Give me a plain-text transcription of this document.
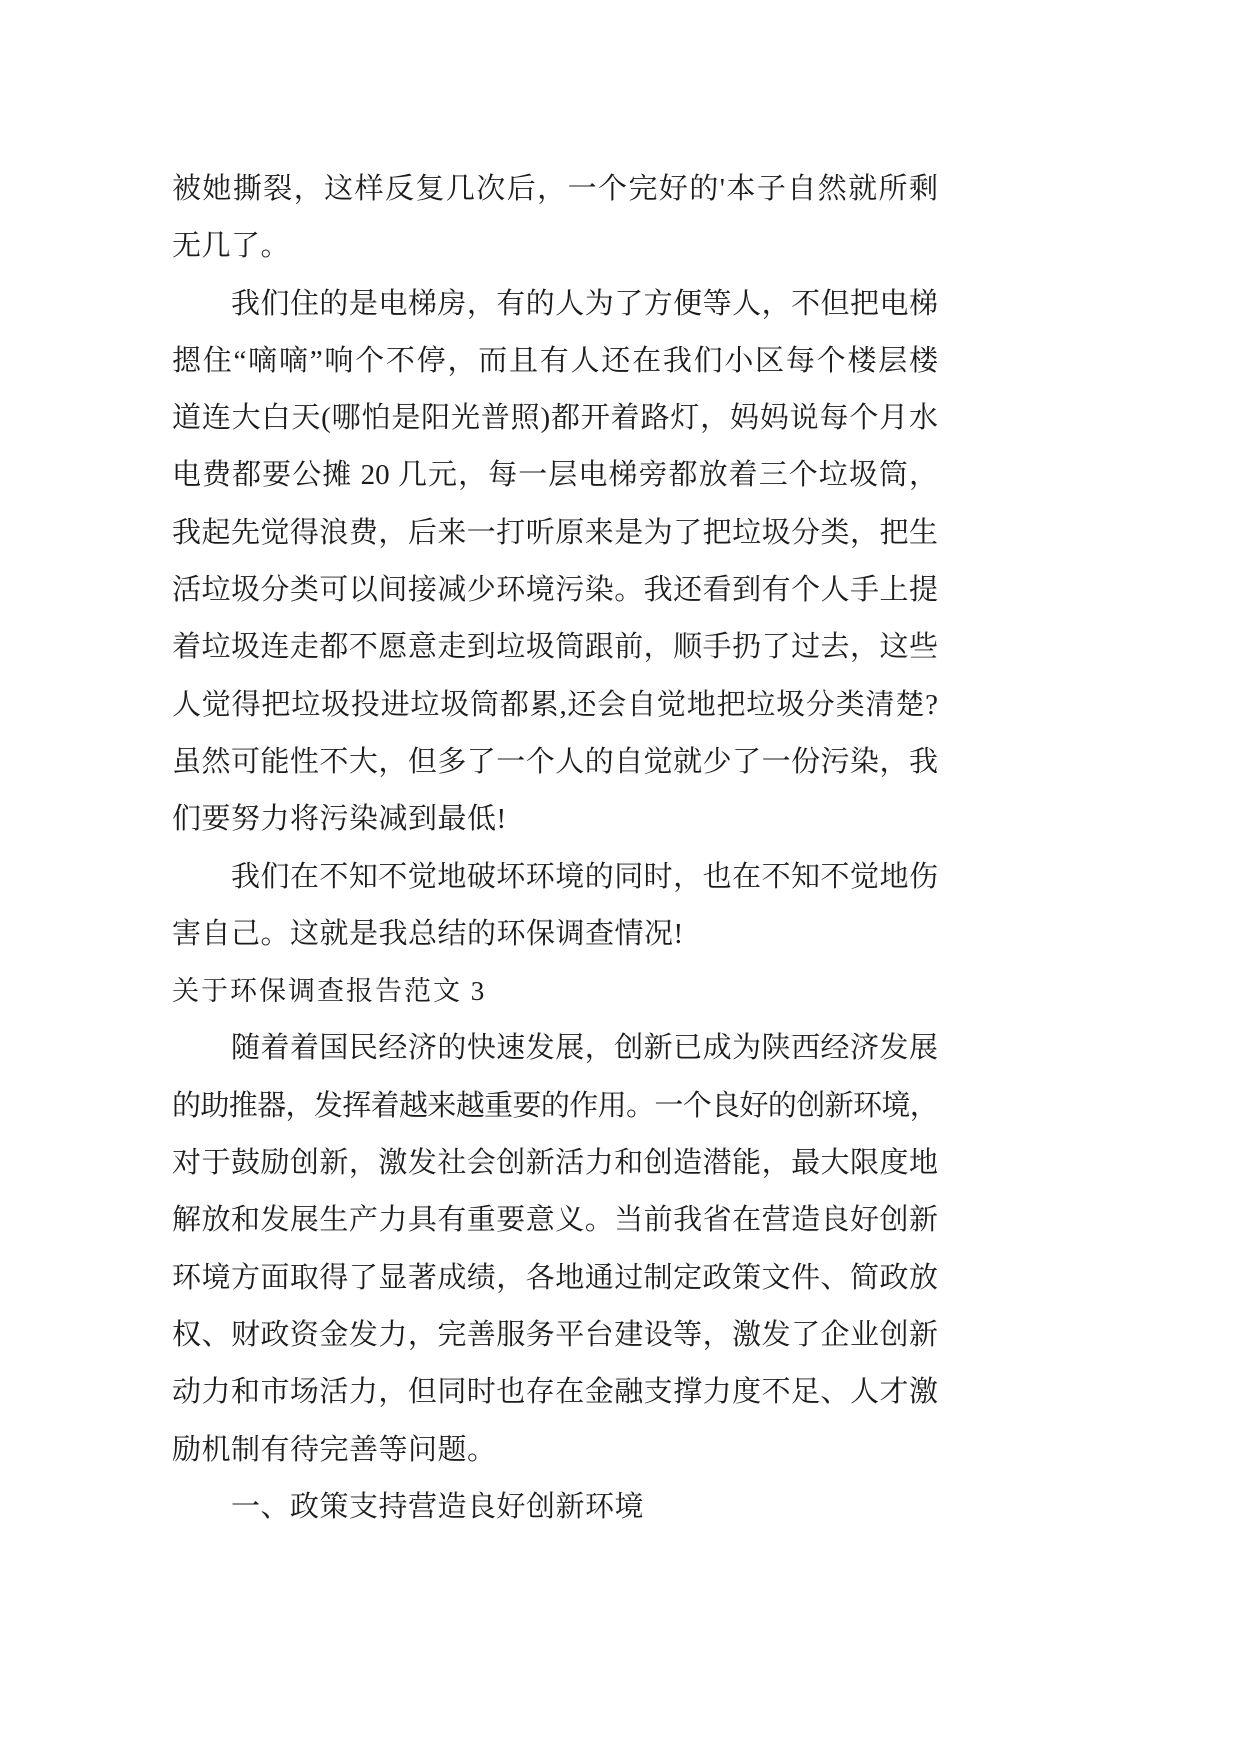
被她撕裂，这样反复几次后，一个完好的'本子自然就所剩
无几了。
我们住的是电梯房，有的人为了方便等人，不但把电梯
摁住“嘀嘀”响个不停，而且有人还在我们小区每个楼层楼
道连大白天(哪怕是阳光普照)都开着路灯，妈妈说每个月水
电费都要公摊 20 几元，每一层电梯旁都放着三个垃圾筒，
我起先觉得浪费，后来一打听原来是为了把垃圾分类，把生
活垃圾分类可以间接减少环境污染。我还看到有个人手上提
着垃圾连走都不愿意走到垃圾筒跟前，顺手扔了过去，这些
人觉得把垃圾投进垃圾筒都累,还会自觉地把垃圾分类清楚?
虽然可能性不大，但多了一个人的自觉就少了一份污染，我
们要努力将污染减到最低!
我们在不知不觉地破坏环境的同时，也在不知不觉地伤
害自己。这就是我总结的环保调查情况!
关于环保调查报告范文 3
随着着国民经济的快速发展，创新已成为陕西经济发展
的助推器，发挥着越来越重要的作用。一个良好的创新环境，
对于鼓励创新，激发社会创新活力和创造潜能，最大限度地
解放和发展生产力具有重要意义。当前我省在营造良好创新
环境方面取得了显著成绩，各地通过制定政策文件、简政放
权、财政资金发力，完善服务平台建设等，激发了企业创新
动力和市场活力，但同时也存在金融支撑力度不足、人才激
励机制有待完善等问题。
一、政策支持营造良好创新环境
